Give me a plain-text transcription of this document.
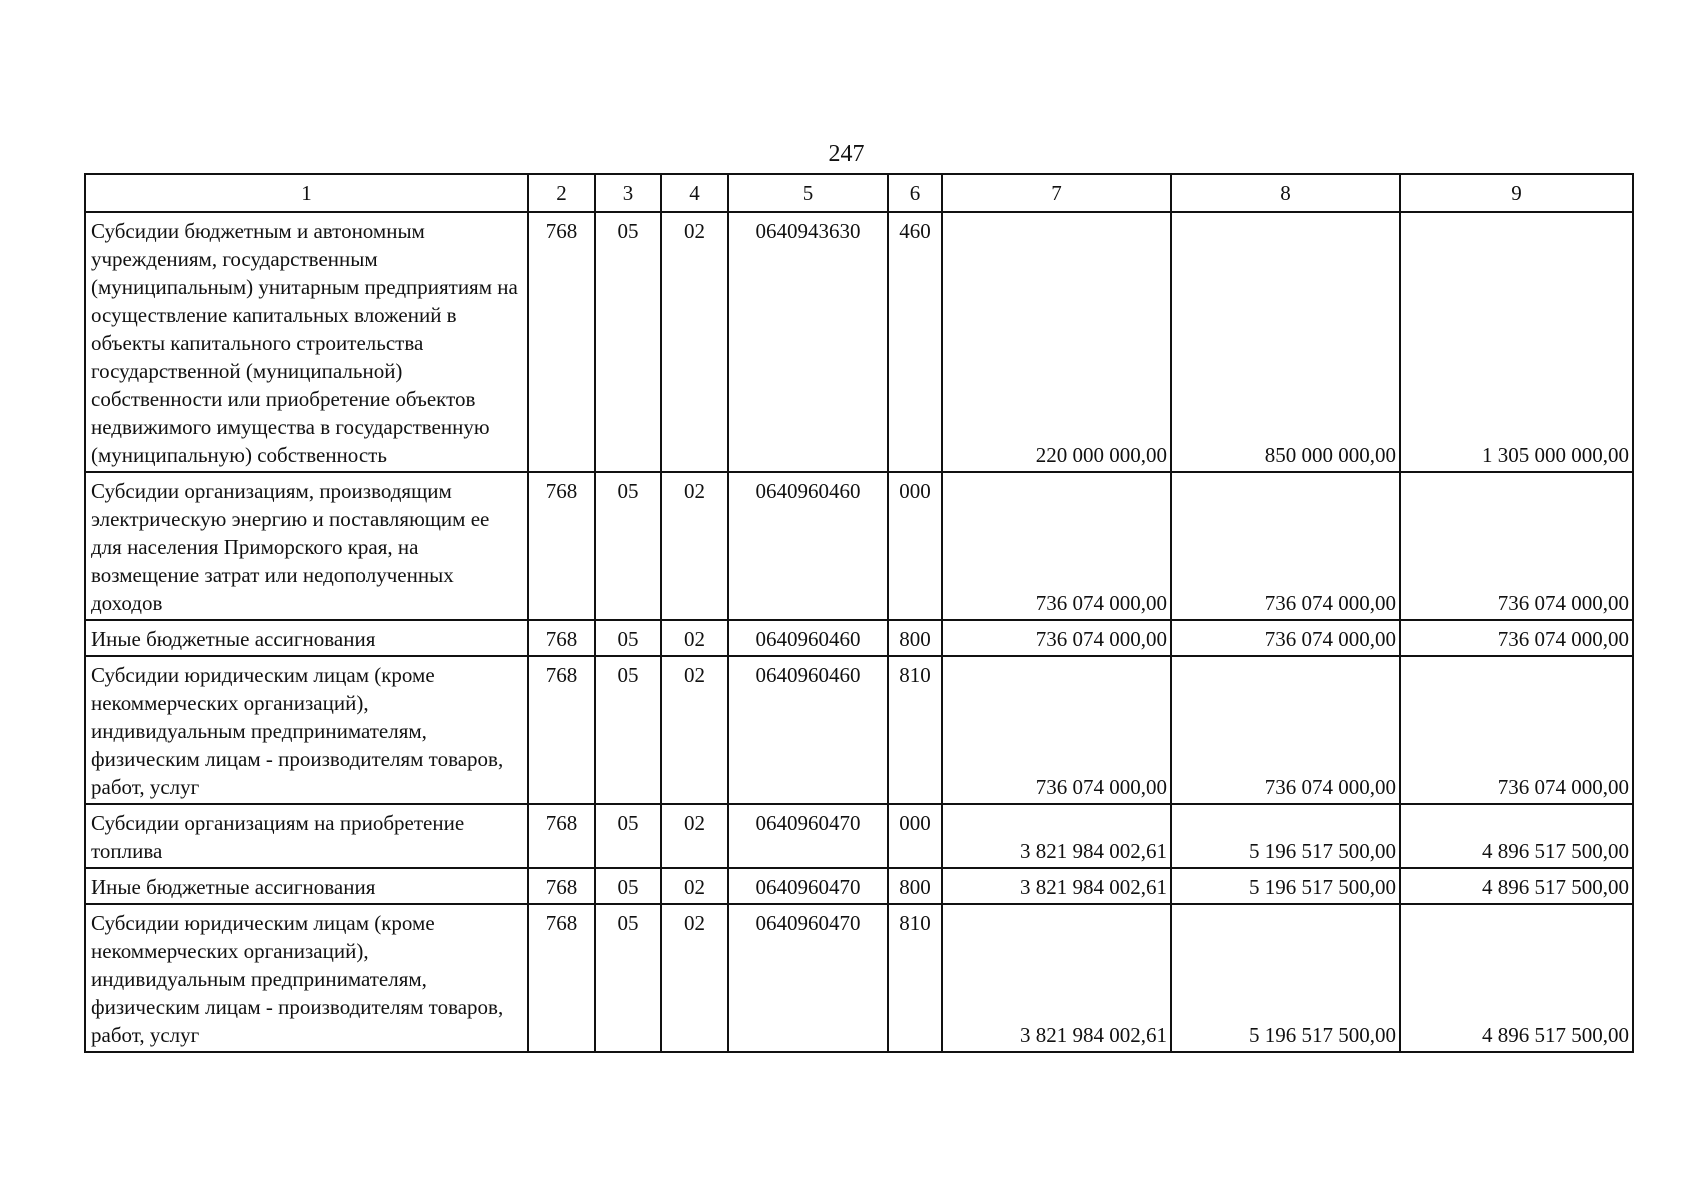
247
1	2	3	4	5	6	7	8	9
Субсидии бюджетным и автономным учреждениям, государственным (муниципальным) унитарным предприятиям на осуществление капитальных вложений в объекты капитального строительства государственной (муниципальной) собственности или приобретение объектов недвижимого имущества в государственную (муниципальную) собственность	768	05	02	0640943630	460	220 000 000,00	850 000 000,00	1 305 000 000,00
Субсидии организациям, производящим электрическую энергию и поставляющим ее для населения Приморского края, на возмещение затрат или недополученных доходов	768	05	02	0640960460	000	736 074 000,00	736 074 000,00	736 074 000,00
Иные бюджетные ассигнования	768	05	02	0640960460	800	736 074 000,00	736 074 000,00	736 074 000,00
Субсидии юридическим лицам (кроме некоммерческих организаций), индивидуальным предпринимателям, физическим лицам - производителям товаров, работ, услуг	768	05	02	0640960460	810	736 074 000,00	736 074 000,00	736 074 000,00
Субсидии организациям на приобретение топлива	768	05	02	0640960470	000	3 821 984 002,61	5 196 517 500,00	4 896 517 500,00
Иные бюджетные ассигнования	768	05	02	0640960470	800	3 821 984 002,61	5 196 517 500,00	4 896 517 500,00
Субсидии юридическим лицам (кроме некоммерческих организаций), индивидуальным предпринимателям, физическим лицам - производителям товаров, работ, услуг	768	05	02	0640960470	810	3 821 984 002,61	5 196 517 500,00	4 896 517 500,00
